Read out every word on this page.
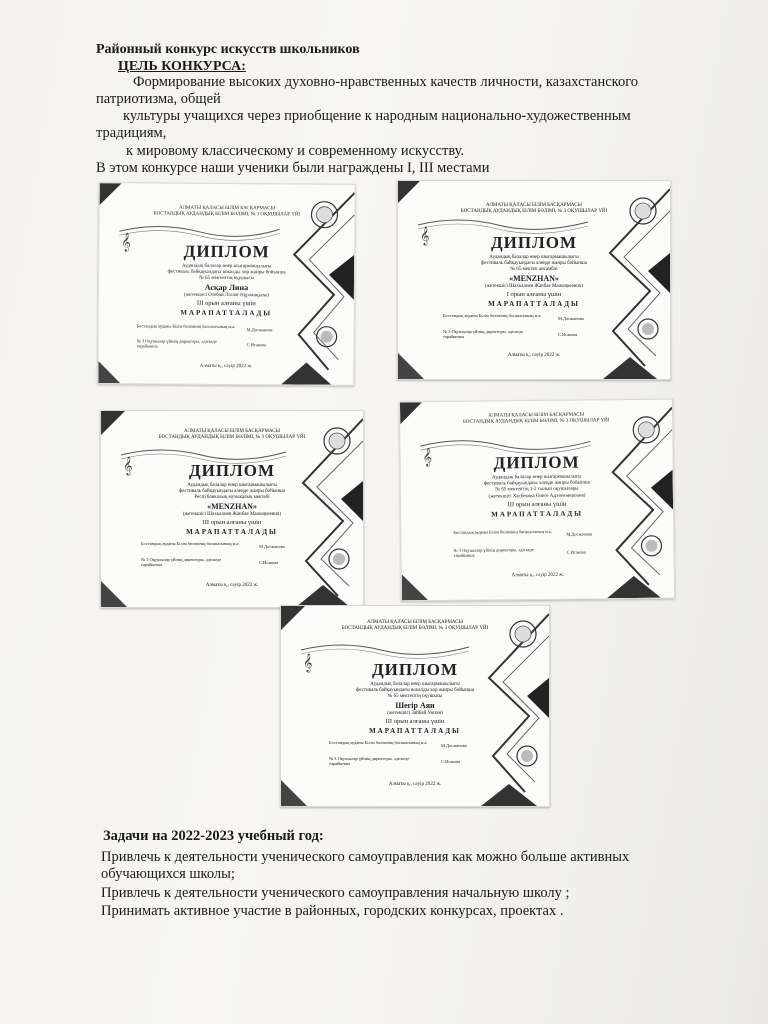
Районный конкурс искусств школьников
ЦЕЛЬ КОНКУРСА:
Формирование высоких духовно-нравственных качеств личности, казахстанского
патриотизма, общей
культуры учащихся через приобщение к народным национально-художественным
традициям,
к мировому классическому и современному искусству.
В этом конкурсе наши ученики были награждены I, III местами
𝄞
АЛМАТЫ ҚАЛАСЫ БІЛІМ БАСҚАРМАСЫ
БОСТАНДЫҚ АУДАНДЫҚ БІЛІМ БӨЛІМІ, № 3 ОҚУШЫЛАР ҮЙІ
ДИПЛОМ
Аудандық балалар өнер шығармашылығы
фестиваль байқауындағы вокалды хор жанры бойынша
№ 65 мектептің оқушысы
Асқар Лина
(жетекшісі Өтебай Ләззат Нұрланқызы)
III орын алғаны үшін
МАРАПАТТАЛАДЫ
Бостандық ауданы Білім бөлімінің басшысының м.а.
М.Досжанова
№ 3 Оқушылар үйінің директоры, әдіскеде тарайынша	С.Исакова
Алматы қ., сәуір 2022 ж.
𝄞
АЛМАТЫ ҚАЛАСЫ БІЛІМ БАСҚАРМАСЫ
БОСТАНДЫҚ АУДАНДЫҚ БІЛІМ БӨЛІМІ, № 3 ОҚУШЫЛАР ҮЙІ
ДИПЛОМ
Аудандық балалар өнер шығармашылығы
фестиваль байқауындағы әлеңде жанры бойынша
№ 65 мектеп ансамблі
«MENZHAN»
(жетекшісі Шахкалиев Жанбае Мажоңкеевич)
I орын алғаны үшін
МАРАПАТТАЛАДЫ
Бостандық ауданы Білім бөлімінің басшысының м.а.
М.Досжанова
№ 3 Оқушылар үйінің директоры, әдіскеде тарайынша	С.Исакова
Алматы қ., сәуір 2022 ж.
𝄞
АЛМАТЫ ҚАЛАСЫ БІЛІМ БАСҚАРМАСЫ
БОСТАНДЫҚ АУДАНДЫҚ БІЛІМ БӨЛІМІ, № 3 ОҚУШЫЛАР ҮЙІ
ДИПЛОМ
Аудандық балалар өнер шығармашылығы
фестиваль байқауындағы әлеңде жанры бойынша
Республикалық музыкалық мектебі
«MENZHAN»
(жетекшісі Шахкалиев Жанбае Мажоңкеевич)
III орын алғаны үшін
МАРАПАТТАЛАДЫ
Бостандық ауданы Білім бөлімінің басшысының м.а.
М.Досжанова
№ 3 Оқушылар үйінің директоры, әдіскеде тарайынша	С.Исакова
Алматы қ., сәуір 2022 ж.
𝄞
АЛМАТЫ ҚАЛАСЫ БІЛІМ БАСҚАРМАСЫ
БОСТАНДЫҚ АУДАНДЫҚ БІЛІМ БӨЛІМІ, № 3 ОҚУШЫЛАР ҮЙІ
ДИПЛОМ
Аудандық балалар өнер шығармашылығы
фестиваль байқауындағы әлеңде жанры бойынша
№ 65 мектептің 1-2 сынып оқушылары
(жетекшісі Хасбекова Өлеге Адэлеюиеровна)
III орын алғаны үшін
МАРАПАТТАЛАДЫ
Бостандық ауданы Білім бөлімінің басшысының м.а.	М.Досжанова
№ 3 Оқушылар үйінің директоры, әдіскеде тарайынша
С.Исакова
Алматы қ., сәуір 2022 ж.
𝄞
АЛМАТЫ ҚАЛАСЫ БІЛІМ БАСҚАРМАСЫ
БОСТАНДЫҚ АУДАНДЫҚ БІЛІМ БӨЛІМІ, № 3 ОҚУШЫЛАР ҮЙІ
ДИПЛОМ
Аудандық балалар өнер шығармашылығы
фестиваль байқауындағы вокалды хор жанры бойынша
№ 65 мектептің оқушысы
Шегір Аяи
(жетекшісі Зайбай Уюзан)
III орын алғаны үшін
МАРАПАТТАЛАДЫ
Бостандық ауданы Білім бөлімінің басшысының м.а.
М.Досжанова
№ 3 Оқушылар үйінің директоры, әдіскеде тарайынша	С.Исакова
Алматы қ., сәуір 2022 ж.
Задачи на 2022-2023 учебный год:
Привлечь к деятельности ученического самоуправления как можно больше активных
обучающихся школы;
Привлечь к деятельности ученического самоуправления начальную школу ;
Принимать активное участие в районных, городских конкурсах, проектах .
